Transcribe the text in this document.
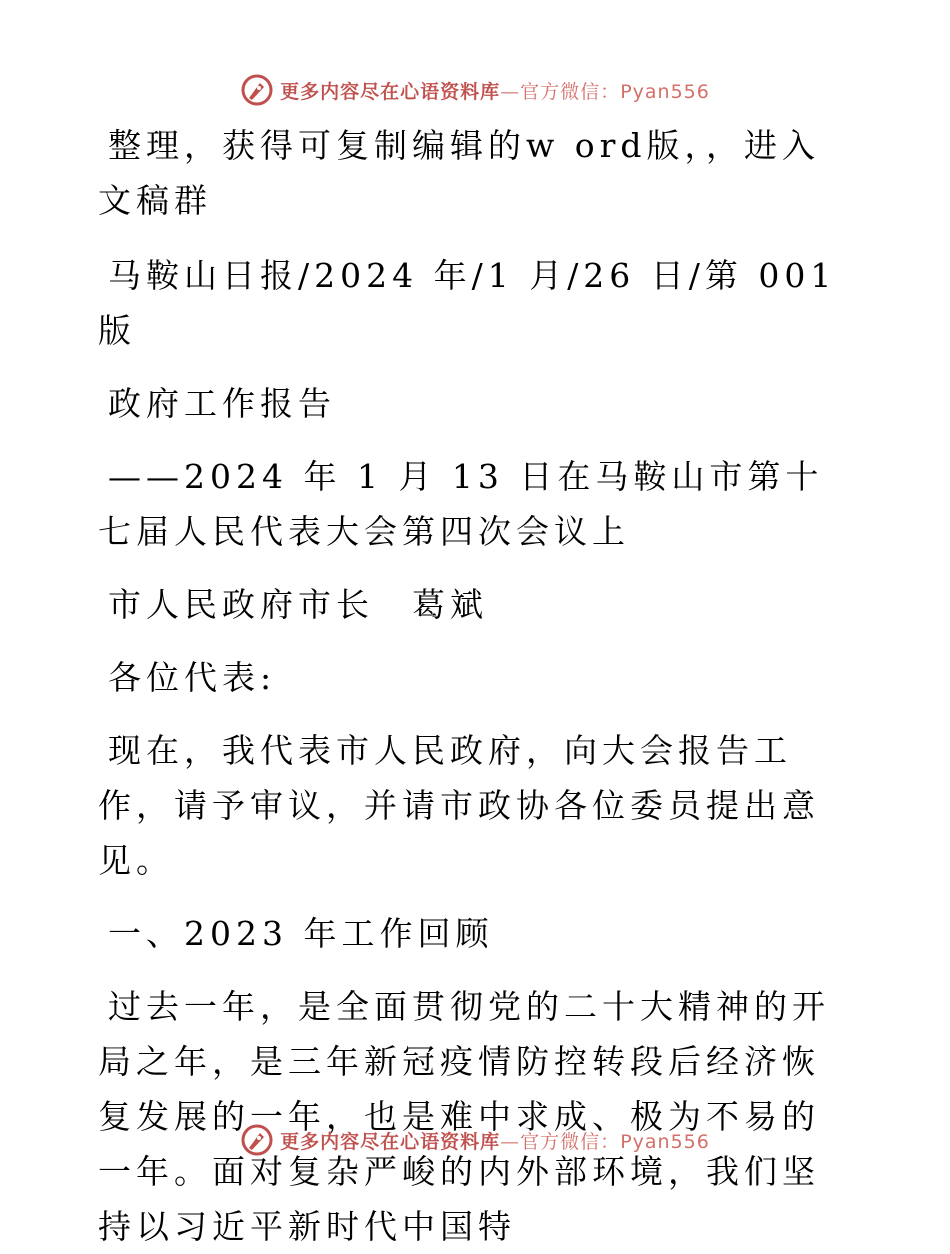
更多内容尽在心语资料库—官方微信：Pyan556

整理，获得可复制编辑的w ord版，，进入文稿群

马鞍山日报/2024 年/1 月/26 日/第 001 版

政府工作报告

——2024 年 1 月 13 日在马鞍山市第十七届人民代表大会第四次会议上

市人民政府市长　葛斌

各位代表:

现在，我代表市人民政府，向大会报告工作，请予审议，并请市政协各位委员提出意见。

一、2023 年工作回顾

过去一年，是全面贯彻党的二十大精神的开局之年，是三年新冠疫情防控转段后经济恢复发展的一年，也是难中求成、极为不易的一年。面对复杂严峻的内外部环境，我们坚持以习近平新时代中国特

更多内容尽在心语资料库—官方微信：Pyan556
